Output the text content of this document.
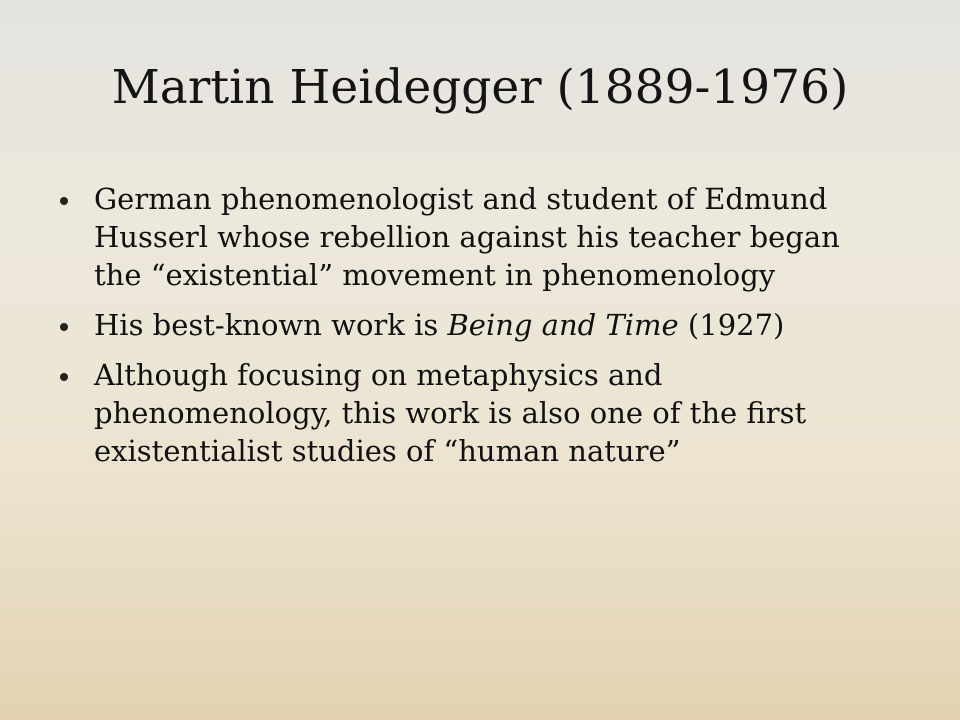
Martin Heidegger (1889-1976)
German phenomenologist and student of Edmund Husserl whose rebellion against his teacher began the “existential” movement in phenomenology
His best-known work is Being and Time (1927)
Although focusing on metaphysics and phenomenology, this work is also one of the first existentialist studies of “human nature”
